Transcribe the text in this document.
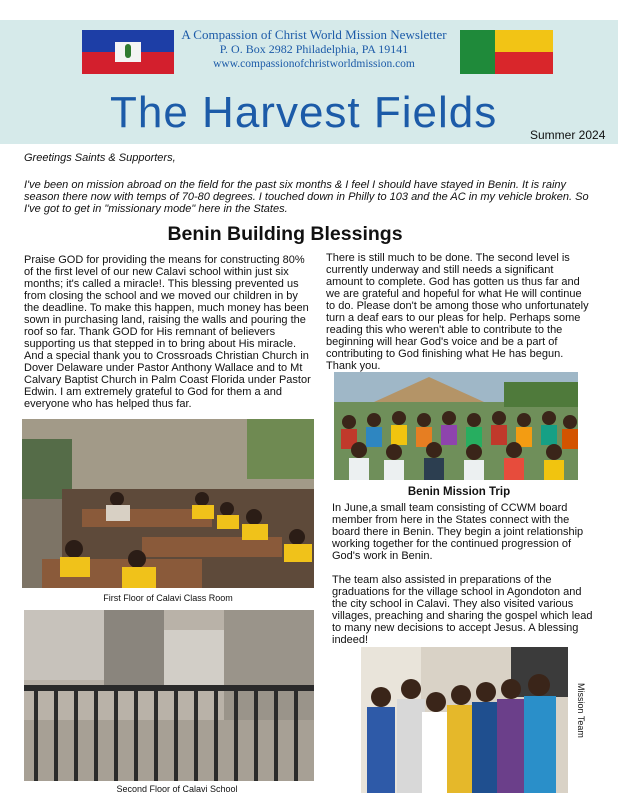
A Compassion of Christ World Mission Newsletter
P. O. Box 2982 Philadelphia, PA 19141
www.compassionofchristworldmission.com
The Harvest Fields	Summer 2024
Greetings Saints & Supporters,
I've been on mission abroad on the field for the past six months & I feel I should have stayed in Benin. It is rainy season there now with temps of 70-80 degrees. I touched down in Philly to 103 and the AC in my vehicle broken. So I've got to get in "missionary mode" here in the States.
Benin Building Blessings
Praise GOD for providing the means for constructing 80% of the first level of our new Calavi school within just six months; it's called a miracle!. This blessing prevented us from closing the school and we moved our children in by the deadline. To make this happen, much money has been sown in purchasing land, raising the walls and pouring the roof so far. Thank GOD for His remnant of believers supporting us that stepped in to bring about His miracle. And a special thank you to Crossroads Christian Church in Dover Delaware under Pastor Anthony Wallace and to Mt Calvary Baptist Church in Palm Coast Florida under Pastor Edwin. I am extremely grateful to God for them a and everyone who has helped thus far.
There is still much to be done. The second level is currently underway and still needs a significant amount to complete. God has gotten us thus far and we are grateful and hopeful for what He will continue to do. Please don't be among those who unfortunately turn a deaf ears to our pleas for help. Perhaps some reading this who weren't able to contribute to the beginning will hear God's voice and be a part of contributing to God finishing what He has begun. Thank you.
First Floor of Calavi Class Room
Second Floor of Calavi School
Benin Mission Trip

In June,a small team consisting of CCWM board member from here in the States connect with the board there in Benin. They begin a joint relationship working together for the continued progression of God's work in Benin.

The team also assisted in preparations of the graduations for the village school in Agondoton and the city school in Calavi. They also visited various villages, preaching and sharing the gospel which lead to many new decisions to accept Jesus. A blessing indeed!

Mission Team
